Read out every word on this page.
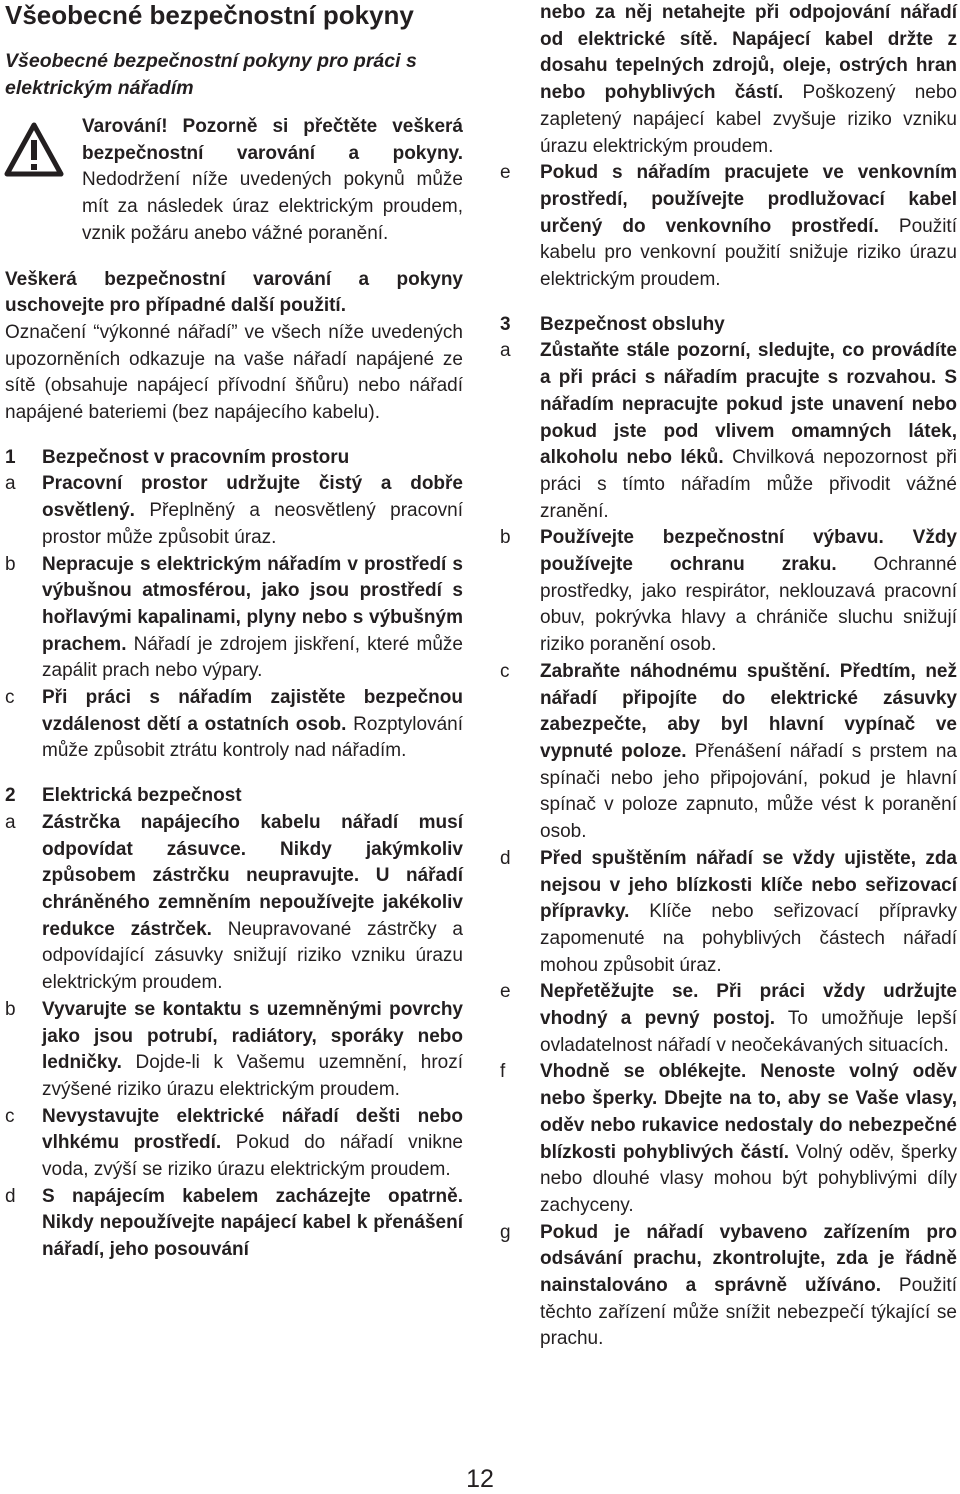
Všeobecné bezpečnostní pokyny
Všeobecné bezpečnostní pokyny pro práci s elektrickým nářadím
Varování! Pozorně si přečtěte veškerá bezpečnostní varování a pokyny. Nedodržení níže uvedených pokynů může mít za následek úraz elektrickým proudem, vznik požáru anebo vážné poranění.

Veškerá bezpečnostní varování a pokyny uschovejte pro případné další použití.

Označení “výkonné nářadí” ve všech níže uvedených upozorněních odkazuje na vaše nářadí napájené ze sítě (obsahuje napájecí přívodní šňůru) nebo nářadí napájené bateriemi (bez napájecího kabelu).

1	Bezpečnost v pracovním prostoru
a	Pracovní prostor udržujte čistý a dobře osvětlený. Přeplněný a neosvětlený pracovní prostor může způsobit úraz.
b	Nepracuje s elektrickým nářadím v prostředí s výbušnou atmosférou, jako jsou prostředí s hořlavými kapalinami, plyny nebo s výbušným prachem. Nářadí je zdrojem jiskření, které může zapálit prach nebo výpary.
c	Při práci s nářadím zajistěte bezpečnou vzdálenost dětí a ostatních osob. Rozptylování může způsobit ztrátu kontroly nad nářadím.
2	Elektrická bezpečnost
a	Zástrčka napájecího kabelu nářadí musí odpovídat zásuvce. Nikdy jakýmkoliv způsobem zástrčku neupravujte. U nářadí chráněného zemněním nepoužívejte jakékoliv redukce zástrček. Neupravované zástrčky a odpovídající zásuvky snižují riziko vzniku úrazu elektrickým proudem.
b	Vyvarujte se kontaktu s uzemněnými povrchy jako jsou potrubí, radiátory, sporáky nebo ledničky. Dojde-li k Vašemu uzemnění, hrozí zvýšené riziko úrazu elektrickým proudem.
c	Nevystavujte elektrické nářadí dešti nebo vlhkému prostředí. Pokud do nářadí vnikne voda, zvýší se riziko úrazu elektrickým proudem.
d	S napájecím kabelem zacházejte opatrně. Nikdy nepoužívejte napájecí kabel k přenášení nářadí, jeho posouvání
nebo za něj netahejte při odpojování nářadí od elektrické sítě. Napájecí kabel držte z dosahu tepelných zdrojů, oleje, ostrých hran nebo pohyblivých částí. Poškozený nebo zapletený napájecí kabel zvyšuje riziko vzniku úrazu elektrickým proudem.
e	Pokud s nářadím pracujete ve venkovním prostředí, používejte prodlužovací kabel určený do venkovního prostředí. Použití kabelu pro venkovní použití snižuje riziko úrazu elektrickým proudem.
3	Bezpečnost obsluhy
a	Zůstaňte stále pozorní, sledujte, co provádíte a při práci s nářadím pracujte s rozvahou. S nářadím nepracujte pokud jste unavení nebo pokud jste pod vlivem omamných látek, alkoholu nebo léků. Chvilková nepozornost při práci s tímto nářadím může přivodit vážné zranění.
b	Používejte bezpečnostní výbavu. Vždy používejte ochranu zraku. Ochranné prostředky, jako respirátor, neklouzavá pracovní obuv, pokrývka hlavy a chrániče sluchu snižují riziko poranění osob.
c	Zabraňte náhodnému spuštění. Předtím, než nářadí připojíte do elektrické zásuvky zabezpečte, aby byl hlavní vypínač ve vypnuté poloze. Přenášení nářadí s prstem na spínači nebo jeho připojování, pokud je hlavní spínač v poloze zapnuto, může vést k poranění osob.
d	Před spuštěním nářadí se vždy ujistěte, zda nejsou v jeho blízkosti klíče nebo seřizovací přípravky. Klíče nebo seřizovací přípravky zapomenuté na pohyblivých částech nářadí mohou způsobit úraz.
e	Nepřetěžujte se. Při práci vždy udržujte vhodný a pevný postoj. To umožňuje lepší ovladatelnost nářadí v neočekávaných situacích.
f	Vhodně se oblékejte. Nenoste volný oděv nebo šperky. Dbejte na to, aby se Vaše vlasy, oděv nebo rukavice nedostaly do nebezpečné blízkosti pohyblivých částí. Volný oděv, šperky nebo dlouhé vlasy mohou být pohyblivými díly zachyceny.
g	Pokud je nářadí vybaveno zařízením pro odsávání prachu, zkontrolujte, zda je řádně nainstalováno a správně užíváno. Použití těchto zařízení může snížit nebezpečí týkající se prachu.
12
